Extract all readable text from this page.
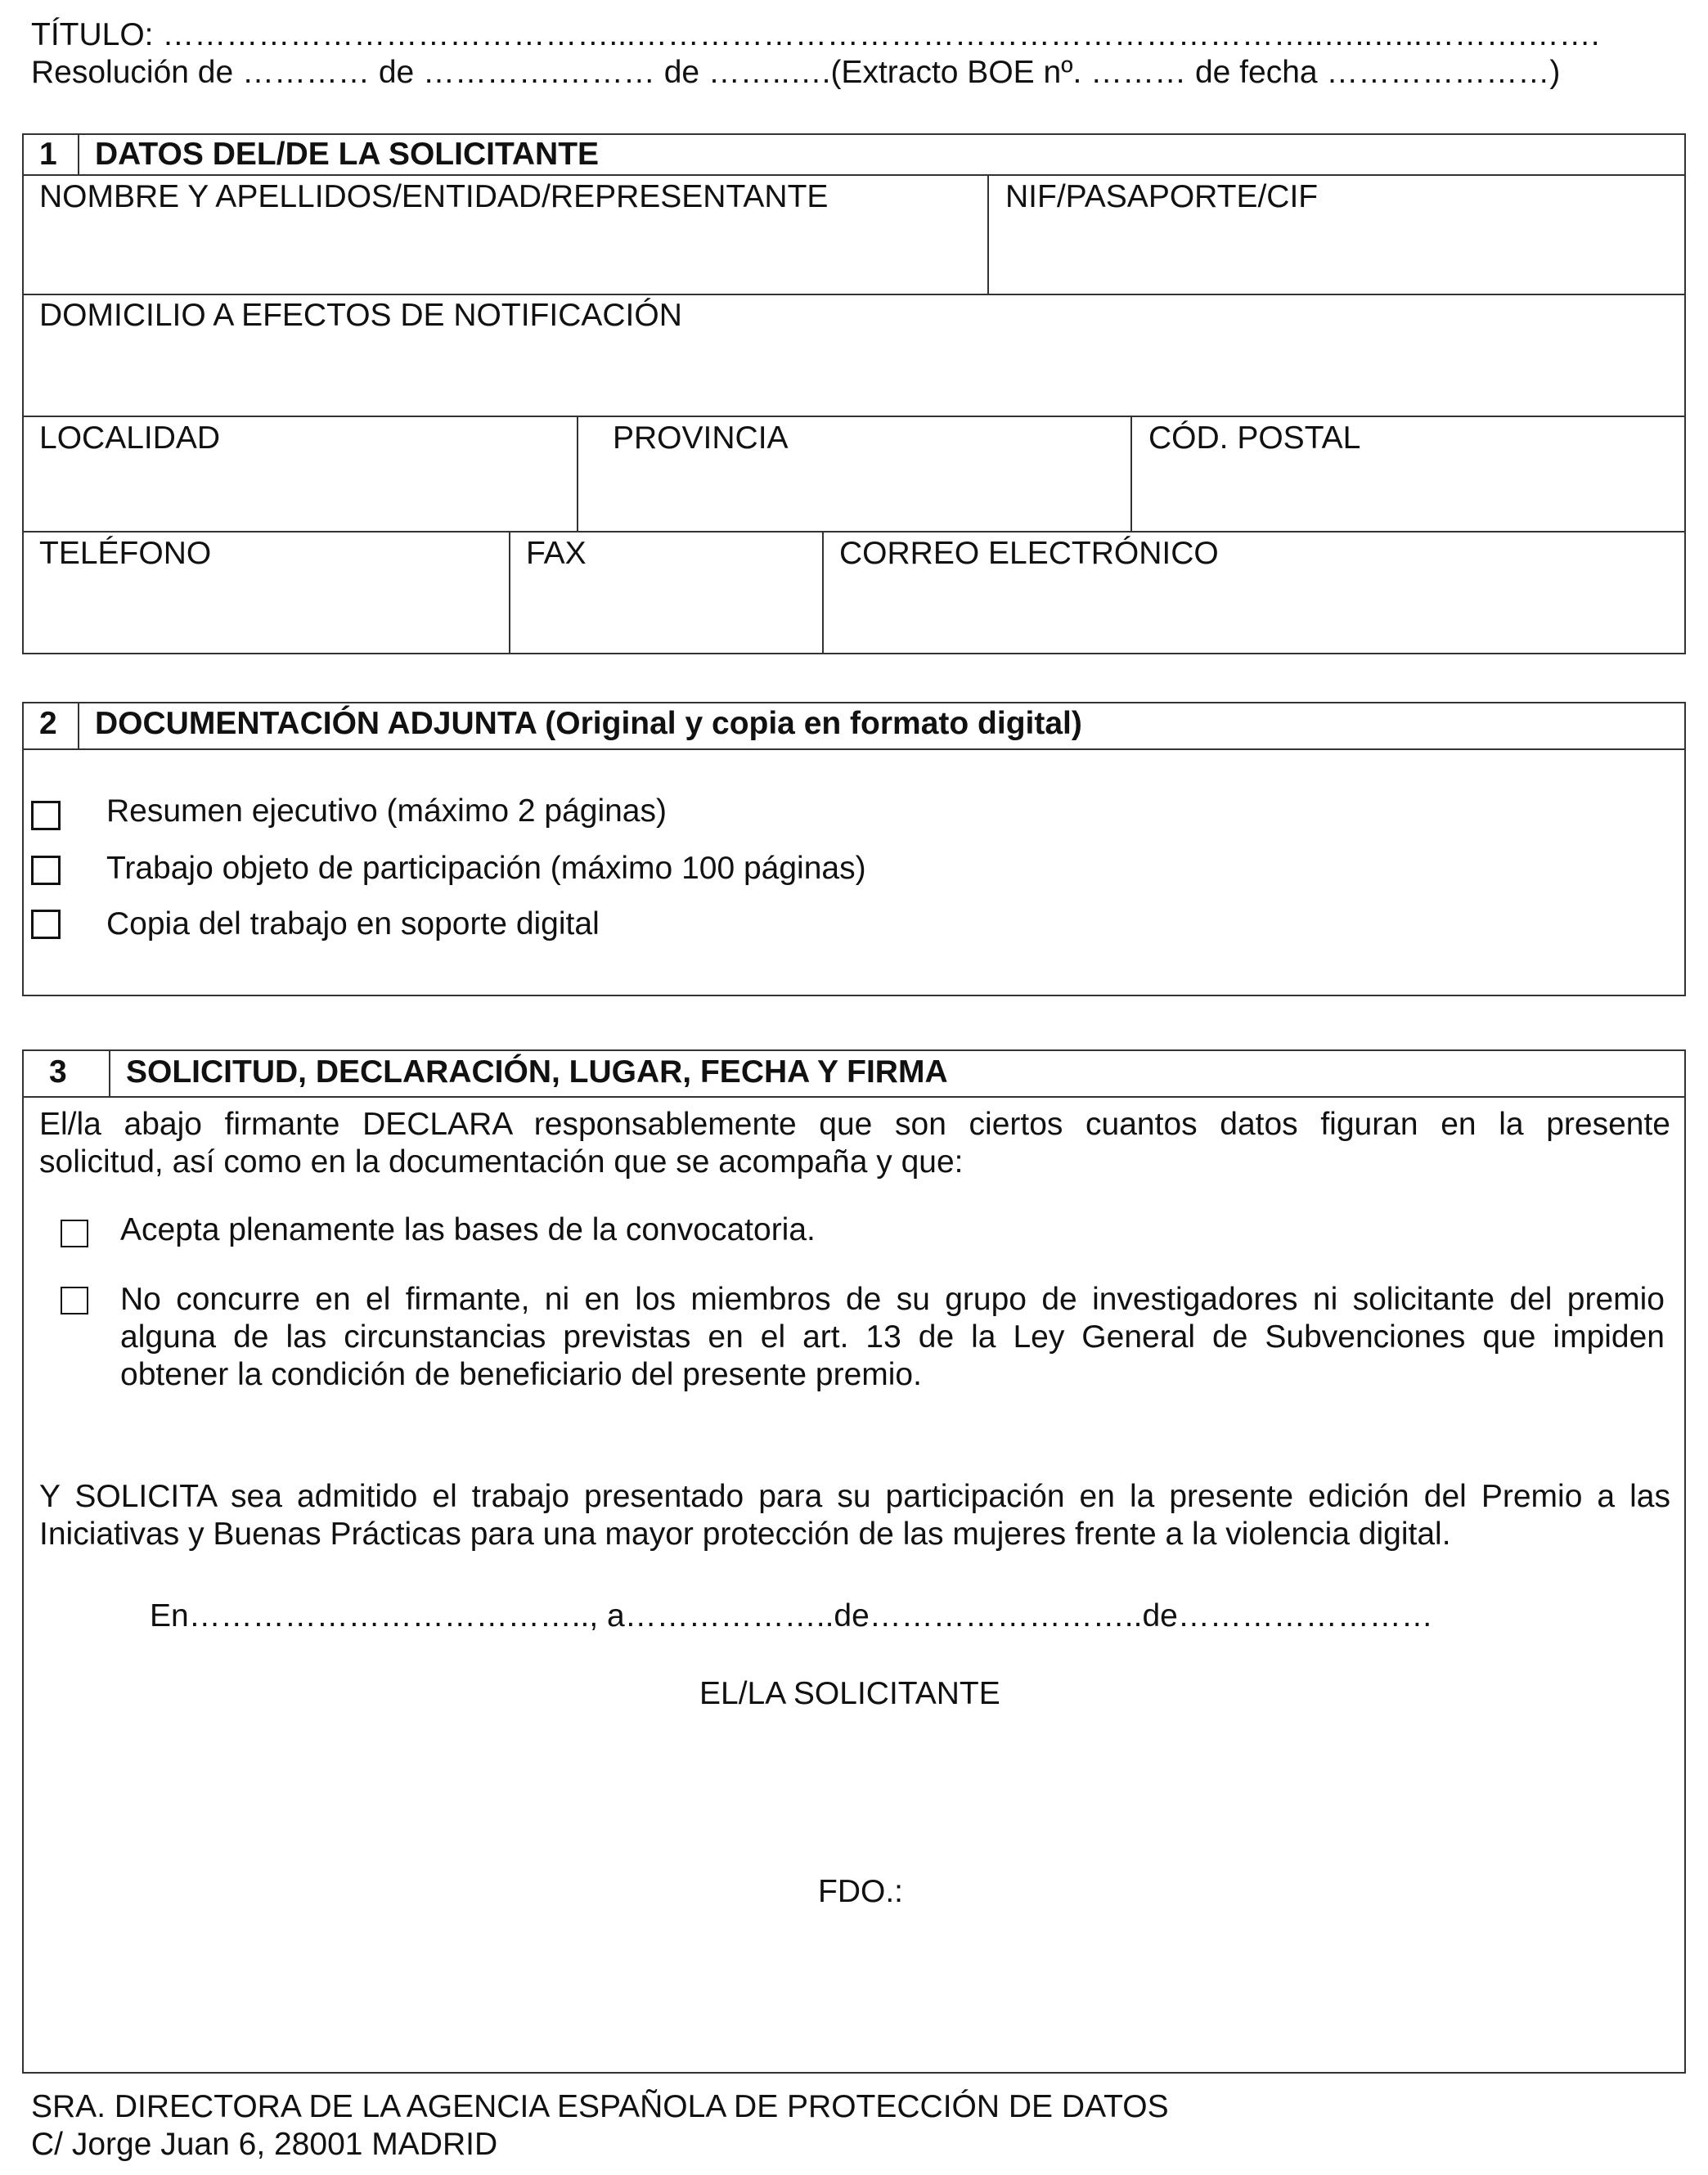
TÍTULO: ……………………………………...………………………………………………………..…..…..……….…….
Resolución de ………… de ………….……… de ……..….(Extracto BOE nº. ……… de fecha …………………)
1 DATOS DEL/DE LA SOLICITANTE
NOMBRE Y APELLIDOS/ENTIDAD/REPRESENTANTE	NIF/PASAPORTE/CIF
DOMICILIO A EFECTOS DE NOTIFICACIÓN
LOCALIDAD	PROVINCIA	CÓD. POSTAL
TELÉFONO	FAX	CORREO ELECTRÓNICO
2 DOCUMENTACIÓN ADJUNTA (Original y copia en formato digital)
Resumen ejecutivo (máximo 2 páginas)
Trabajo objeto de participación (máximo 100 páginas)
Copia del trabajo en soporte digital
3 SOLICITUD, DECLARACIÓN, LUGAR, FECHA Y FIRMA
El/la abajo firmante DECLARA responsablemente que son ciertos cuantos datos figuran en la presente
solicitud, así como en la documentación que se acompaña y que:
Acepta plenamente las bases de la convocatoria.
No concurre en el firmante, ni en los miembros de su grupo de investigadores ni solicitante del premio
alguna de las circunstancias previstas en el art. 13 de la Ley General de Subvenciones que impiden
obtener la condición de beneficiario del presente premio.
Y SOLICITA sea admitido el trabajo presentado para su participación en la presente edición del Premio a las
Iniciativas y Buenas Prácticas para una mayor protección de las mujeres frente a la violencia digital.
En……………………………….., a………………..de……………………..de……………………
EL/LA SOLICITANTE
FDO.:
SRA. DIRECTORA DE LA AGENCIA ESPAÑOLA DE PROTECCIÓN DE DATOS
C/ Jorge Juan 6, 28001 MADRID
